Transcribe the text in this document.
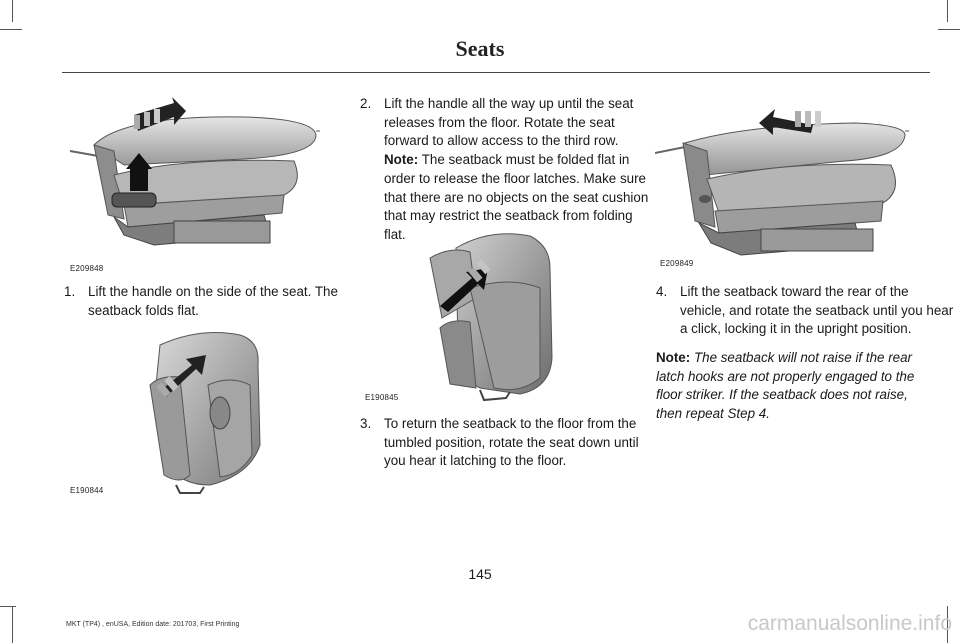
Seats
E209848
1. Lift the handle on the side of the seat. The seatback folds flat.
E190844
2. Lift the handle all the way up until the seat releases from the floor. Rotate the seat forward to allow access to the third row. Note: The seatback must be folded flat in order to release the floor latches. Make sure that there are no objects on the seat cushion that may restrict the seatback from folding flat.
E190845
3. To return the seatback to the floor from the tumbled position, rotate the seat down until you hear it latching to the floor.
E209849
4. Lift the seatback toward the rear of the vehicle, and rotate the seatback until you hear a click, locking it in the upright position.
Note: The seatback will not raise if the rear latch hooks are not properly engaged to the floor striker. If the seatback does not raise, then repeat Step 4.
145
MKT (TP4) , enUSA, Edition date: 201703, First Printing	carmanualsonline.info
